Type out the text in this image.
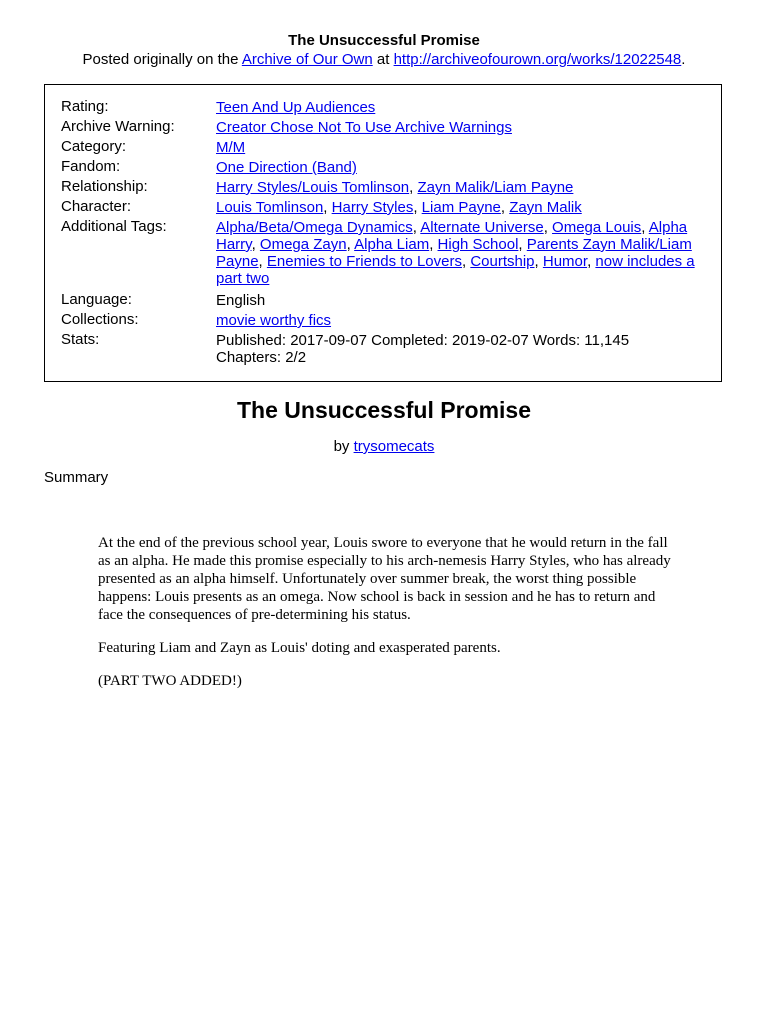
The Unsuccessful Promise
Posted originally on the Archive of Our Own at http://archiveofourown.org/works/12022548.
Rating:	Teen And Up Audiences
Archive Warning:	Creator Chose Not To Use Archive Warnings
Category:	M/M
Fandom:	One Direction (Band)
Relationship:	Harry Styles/Louis Tomlinson, Zayn Malik/Liam Payne
Character:	Louis Tomlinson, Harry Styles, Liam Payne, Zayn Malik
Additional Tags:	Alpha/Beta/Omega Dynamics, Alternate Universe, Omega Louis, Alpha Harry, Omega Zayn, Alpha Liam, High School, Parents Zayn Malik/Liam Payne, Enemies to Friends to Lovers, Courtship, Humor, now includes a part two
Language:	English
Collections:	movie worthy fics
Stats:	Published: 2017-09-07 Completed: 2019-02-07 Words: 11,145
Chapters: 2/2
The Unsuccessful Promise
by trysomecats
Summary

At the end of the previous school year, Louis swore to everyone that he would return in the fall as an alpha. He made this promise especially to his arch-nemesis Harry Styles, who has already presented as an alpha himself. Unfortunately over summer break, the worst thing possible happens: Louis presents as an omega. Now school is back in session and he has to return and face the consequences of pre-determining his status.

Featuring Liam and Zayn as Louis' doting and exasperated parents.

(PART TWO ADDED!)
